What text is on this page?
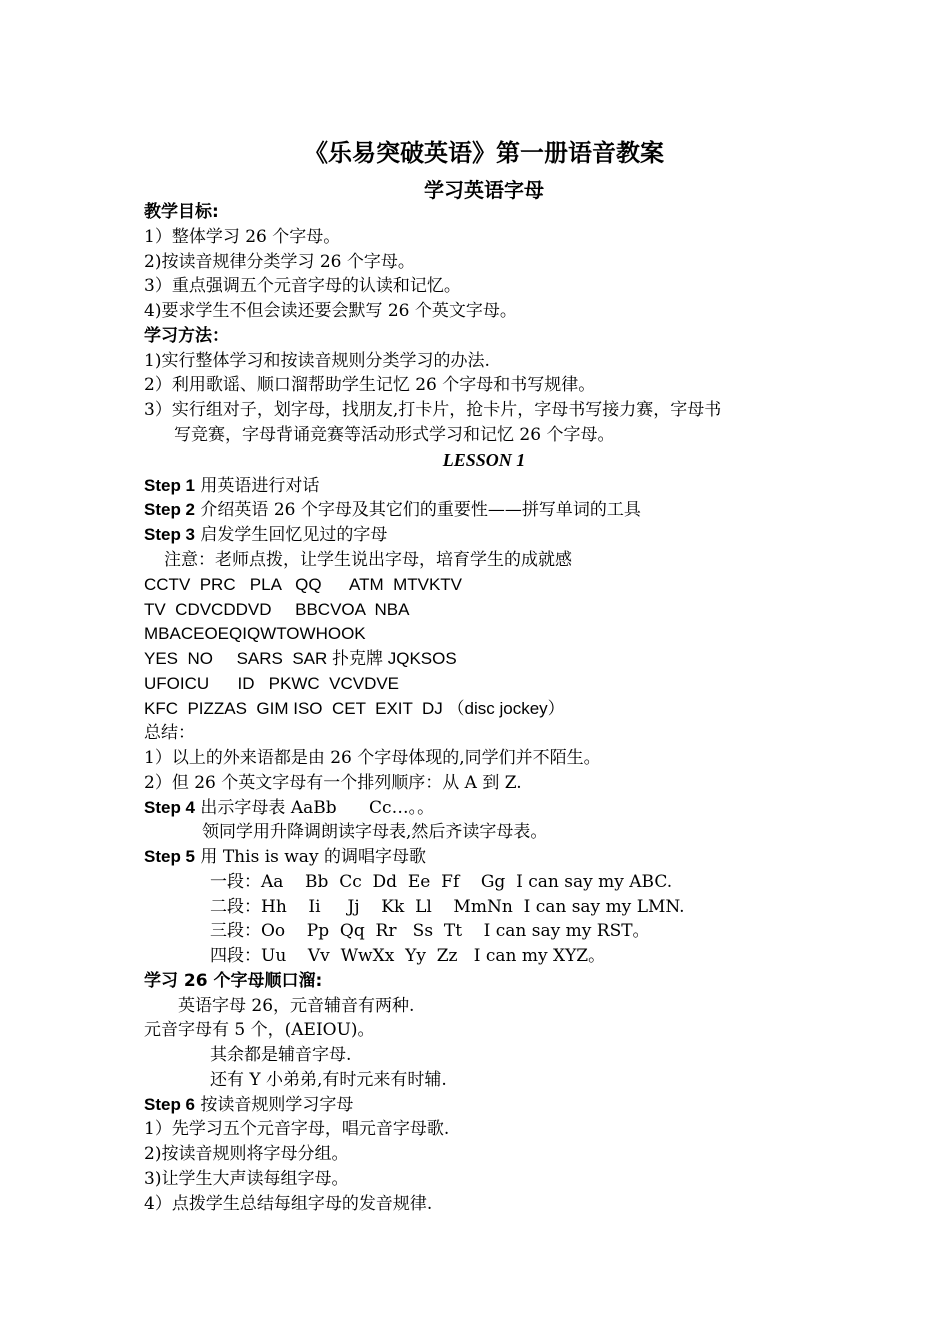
《乐易突破英语》第一册语音教案
学习英语字母
教学目标:
1）整体学习 26 个字母。
2)按读音规律分类学习 26 个字母。
3）重点强调五个元音字母的认读和记忆。
4)要求学生不但会读还要会默写 26 个英文字母。
学习方法：
1)实行整体学习和按读音规则分类学习的办法.
2）利用歌谣、顺口溜帮助学生记忆 26 个字母和书写规律。
3）实行组对子，划字母，找朋友,打卡片，抢卡片，字母书写接力赛，字母书
写竞赛，字母背诵竞赛等活动形式学习和记忆 26 个字母。
LESSON 1
Step 1 用英语进行对话
Step 2 介绍英语 26 个字母及其它们的重要性——拼写单词的工具
Step 3 启发学生回忆见过的字母
注意：老师点拨，让学生说出字母，培育学生的成就感
CCTV  PRC   PLA   QQ      ATM  MTVKTV
TV  CDVCDDVD     BBCVOA  NBA
MBACEOEQIQWTOWHOOK
YES  NO     SARS  SAR 扑克牌 JQKSOS
UFOICU      ID   PKWC  VCVDVE
KFC  PIZZAS  GIM ISO  CET  EXIT  DJ （disc jockey）
总结：
1）以上的外来语都是由 26 个字母体现的,同学们并不陌生。
2）但 26 个英文字母有一个排列顺序：从 A 到 Z.
Step 4 出示字母表 AaBb      Cc…。。
领同学用升降调朗读字母表,然后齐读字母表。
Step 5 用 This is way 的调唱字母歌
一段：Aa    Bb  Cc  Dd  Ee  Ff    Gg  I can say my ABC.
二段：Hh    Ii     Jj    Kk  Ll    MmNn  I can say my LMN.
三段：Oo    Pp  Qq  Rr   Ss  Tt    I can say my RST。
四段：Uu    Vv  WwXx  Yy  Zz   I can my XYZ。
学习 26 个字母顺口溜:
英语字母 26，元音辅音有两种.
元音字母有 5 个，(AEIOU)。
其余都是辅音字母.
还有 Y 小弟弟,有时元来有时辅.
Step 6 按读音规则学习字母
1）先学习五个元音字母，唱元音字母歌.
2)按读音规则将字母分组。
3)让学生大声读每组字母。
4）点拨学生总结每组字母的发音规律.
